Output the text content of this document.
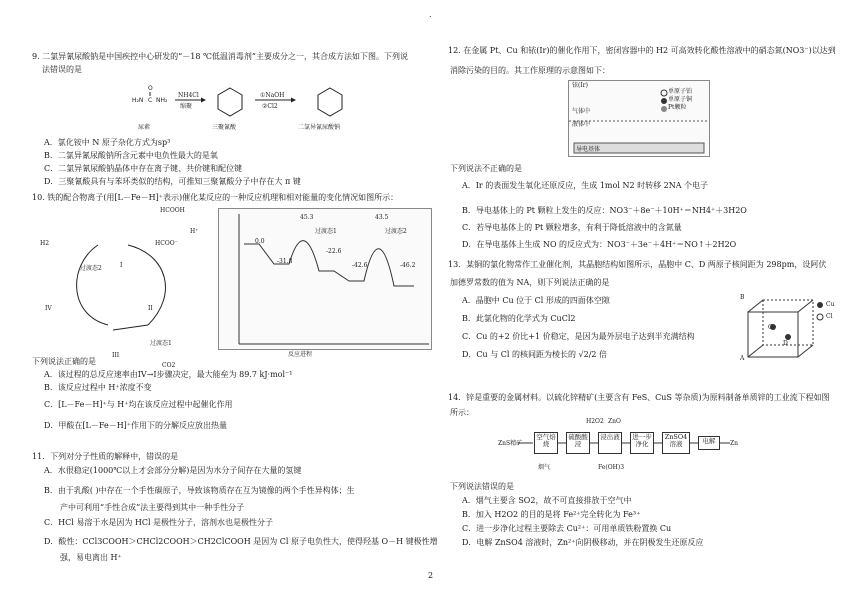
.
9. 二氯异氰尿酸钠是中国疾控中心研发的“－18 ℃低温消毒剂”主要成分之一，其合成方法如下图。下列说
法错误的是
H₂N C NH₂
O
NH4Cl
缩聚
①NaOH
②Cl2
尿素	三聚氰酸	二氯异氰尿酸钠
A．氯化铵中 N 原子杂化方式为sp³
B．二氯异氰尿酸钠所含元素中电负性最大的是氧
C．二氯异氰尿酸钠晶体中存在离子键、共价键和配位键
D．三聚氰酸具有与苯环类似的结构，可推知三聚氰酸分子中存在大 π 键
10. 铁的配合物离子(用[L－Fe－H]⁺表示)催化某反应的一种反应机理和相对能量的变化情况如图所示：
HCOOH
HCOO⁻
H⁺
H2
过渡态2
IV
I
II
III
过渡态1
CO2
0.0
-31.8
45.3
-22.6
-42.6
43.5
-46.2
过渡态1	过渡态2
反应进程
下列说法正确的是
A．该过程的总反应速率由IV→I步骤决定，最大能垒为 89.7 kJ·mol⁻¹
B．该反应过程中 H⁺浓度不变
C．[L－Fe－H]⁺与 H⁺均在该反应过程中起催化作用
D．甲酸在[L－Fe－H]⁺作用下的分解反应放出热量
11．下列对分子性质的解释中，错误的是
A．水很稳定(1000℃以上才会部分分解)是因为水分子间存在大量的氢键
B．由于乳酸( )中存在一个手性碳原子，导致该物质存在互为镜像的两个手性异构体；生
产中可利用“手性合成”法主要得到其中一种手性分子
C．HCl 易溶于水是因为 HCl 是极性分子，溶剂水也是极性分子
D．酸性：CCl3COOH＞CHCl2COOH＞CH2ClCOOH 是因为 Cl 原子电负性大，使得羟基 O－H 键极性增
强，易电离出 H⁺
12. 在金属 Pt、Cu 和铱(Ir)的催化作用下，密闭容器中的 H2 可高效转化酸性溶液中的硝态氮(NO3⁻)以达到
消除污染的目的。其工作原理的示意图如下：
铱(Ir)
气体中
液体中
导电基体
单原子铂
单原子铜
Pt颗粒
下列说法不正确的是
A．Ir 的表面发生氧化还原反应，生成 1mol N2 时转移 2NA 个电子
B．导电基体上的 Pt 颗粒上发生的反应：NO3⁻＋8e⁻＋10H⁺＝NH4⁺＋3H2O
C．若导电基体上的 Pt 颗粒增多，有利于降低溶液中的含氮量
D．在导电基体上生成 NO 的反应式为：NO3⁻＋3e⁻＋4H⁺＝NO↑＋2H2O
13．某铜的氯化物常作工业催化剂，其晶胞结构如图所示，晶胞中 C、D 两原子核间距为 298pm，设阿伏
加德罗常数的值为 NA，则下列说法正确的是
A．晶胞中 Cu 位于 Cl 形成的四面体空隙
B．此氯化物的化学式为 CuCl2
C．Cu 的+2 价比+1 价稳定，是因为最外层电子达到半充满结构
D．Cu 与 Cl 的核间距为棱长的 √2/2 倍
Cu
Cl
A
B
C
D
14．锌是重要的金属材料。以硫化锌精矿(主要含有 FeS、CuS 等杂质)为原料制备单质锌的工业流下程如图
所示：
ZnS精矿
空气焙烧
硫酸酸浸
浸出液	进一步净化
ZnSO4溶液	电解	Zn
H2O2 ZnO
烟气	Fe(OH)3
下列说法错误的是
A．烟气主要含 SO2，故不可直接排放于空气中
B．加入 H2O2 的目的是将 Fe²⁺完全转化为 Fe³⁺
C．进一步净化过程主要除去 Cu²⁺：可用单质铁粉置换 Cu
D．电解 ZnSO4 溶液时，Zn²⁺向阴极移动，并在阴极发生还原反应
2
